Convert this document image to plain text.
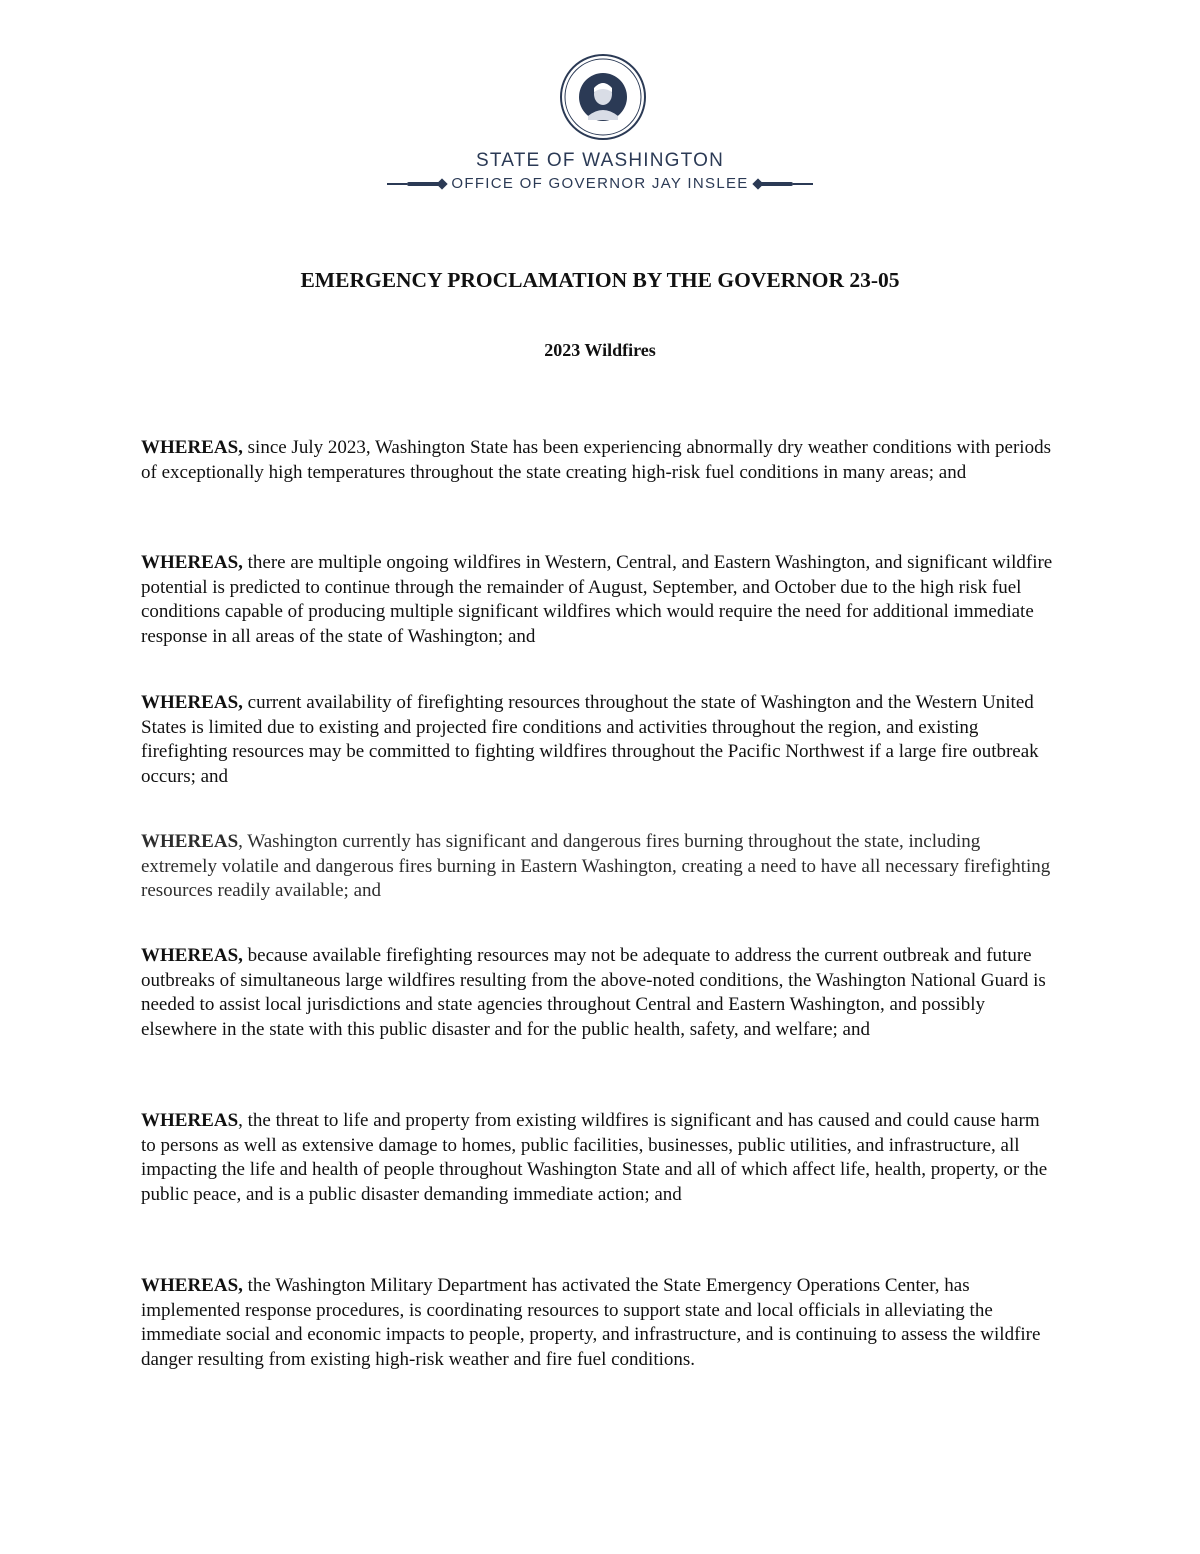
STATE OF WASHINGTON
OFFICE OF GOVERNOR JAY INSLEE
EMERGENCY PROCLAMATION BY THE GOVERNOR 23-05
2023 Wildfires

WHEREAS, since July 2023, Washington State has been experiencing abnormally dry weather conditions with periods of exceptionally high temperatures throughout the state creating high-risk fuel conditions in many areas; and

WHEREAS, there are multiple ongoing wildfires in Western, Central, and Eastern Washington, and significant wildfire potential is predicted to continue through the remainder of August, September, and October due to the high risk fuel conditions capable of producing multiple significant wildfires which would require the need for additional immediate response in all areas of the state of Washington; and

WHEREAS, current availability of firefighting resources throughout the state of Washington and the Western United States is limited due to existing and projected fire conditions and activities throughout the region, and existing firefighting resources may be committed to fighting wildfires throughout the Pacific Northwest if a large fire outbreak occurs; and

WHEREAS, Washington currently has significant and dangerous fires burning throughout the state, including extremely volatile and dangerous fires burning in Eastern Washington, creating a need to have all necessary firefighting resources readily available; and

WHEREAS, because available firefighting resources may not be adequate to address the current outbreak and future outbreaks of simultaneous large wildfires resulting from the above-noted conditions, the Washington National Guard is needed to assist local jurisdictions and state agencies throughout Central and Eastern Washington, and possibly elsewhere in the state with this public disaster and for the public health, safety, and welfare; and

WHEREAS, the threat to life and property from existing wildfires is significant and has caused and could cause harm to persons as well as extensive damage to homes, public facilities, businesses, public utilities, and infrastructure, all impacting the life and health of people throughout Washington State and all of which affect life, health, property, or the public peace, and is a public disaster demanding immediate action; and

WHEREAS, the Washington Military Department has activated the State Emergency Operations Center, has implemented response procedures, is coordinating resources to support state and local officials in alleviating the immediate social and economic impacts to people, property, and infrastructure, and is continuing to assess the wildfire danger resulting from existing high-risk weather and fire fuel conditions.
